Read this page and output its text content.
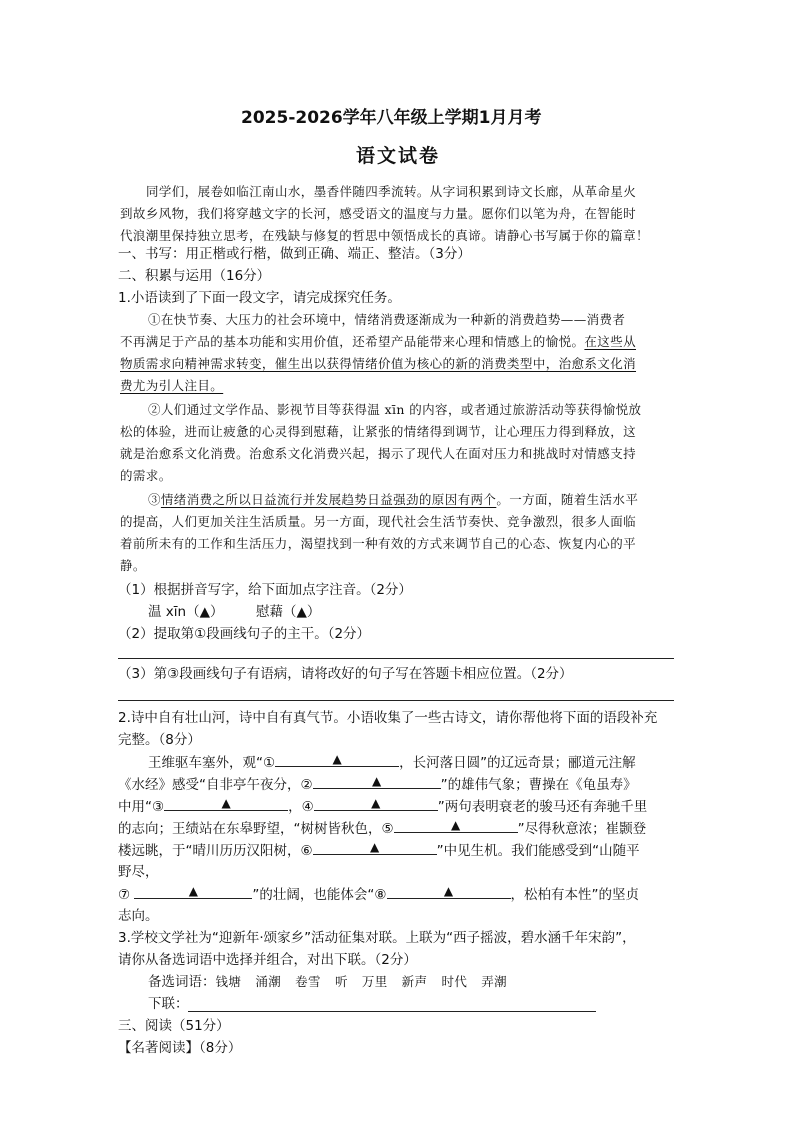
2025-2026学年八年级上学期1月月考
语文试卷
同学们，展卷如临江南山水，墨香伴随四季流转。从字词积累到诗文长廊，从革命星火
到故乡风物，我们将穿越文字的长河，感受语文的温度与力量。愿你们以笔为舟，在智能时
代浪潮里保持独立思考，在残缺与修复的哲思中领悟成长的真谛。请静心书写属于你的篇章！
一、书写：用正楷或行楷，做到正确、端正、整洁。（3分）
二、积累与运用（16分）
1.小语读到了下面一段文字，请完成探究任务。
①在快节奏、大压力的社会环境中，情绪消费逐渐成为一种新的消费趋势——消费者
不再满足于产品的基本功能和实用价值，还希望产品能带来心理和情感上的愉悦。在这些从
物质需求向精神需求转变，催生出以获得情绪价值为核心的新的消费类型中，治愈系文化消
费尤为引人注目。
②人们通过文学作品、影视节目等获得温 xīn 的内容，或者通过旅游活动等获得愉悦放
松的体验，进而让疲惫的心灵得到慰藉，让紧张的情绪得到调节，让心理压力得到释放，这
就是治愈系文化消费。治愈系文化消费兴起，揭示了现代人在面对压力和挑战时对情感支持
的需求。
③情绪消费之所以日益流行并发展趋势日益强劲的原因有两个。一方面，随着生活水平
的提高，人们更加关注生活质量。另一方面，现代社会生活节奏快、竞争激烈，很多人面临
着前所未有的工作和生活压力，渴望找到一种有效的方式来调节自己的心态、恢复内心的平
静。
（1）根据拼音写字，给下面加点字注音。（2分）
温 xīn（▲） 慰藉（▲）
（2）提取第①段画线句子的主干。（2分）
（3）第③段画线句子有语病，请将改好的句子写在答题卡相应位置。（2分）
2.诗中自有壮山河，诗中自有真气节。小语收集了一些古诗文，请你帮他将下面的语段补充
完整。（8分）
王维驱车塞外，观“①	▲	，长河落日圆”的辽远奇景；郦道元注解
《水经》感受“自非亭午夜分，②	▲	”的雄伟气象；曹操在《龟虽寿》
中用“③	▲	，④	▲	”两句表明衰老的骏马还有奔驰千里
的志向；王绩站在东皋野望，“树树皆秋色，⑤	▲	”尽得秋意浓；崔颢登
楼远眺，于“晴川历历汉阳树，⑥	▲	”中见生机。我们能感受到“山随平
野尽，
⑦	▲	”的壮阔，也能体会“⑧	▲	，松柏有本性”的坚贞
志向。
3.学校文学社为“迎新年·颂家乡”活动征集对联。上联为“西子摇波，碧水涵千年宋韵”，
请你从备选词语中选择并组合，对出下联。（2分）
备选词语：钱塘 涌潮 卷雪 听 万里 新声 时代 弄潮
下联：
三、阅读（51分）
【名著阅读】（8分）
